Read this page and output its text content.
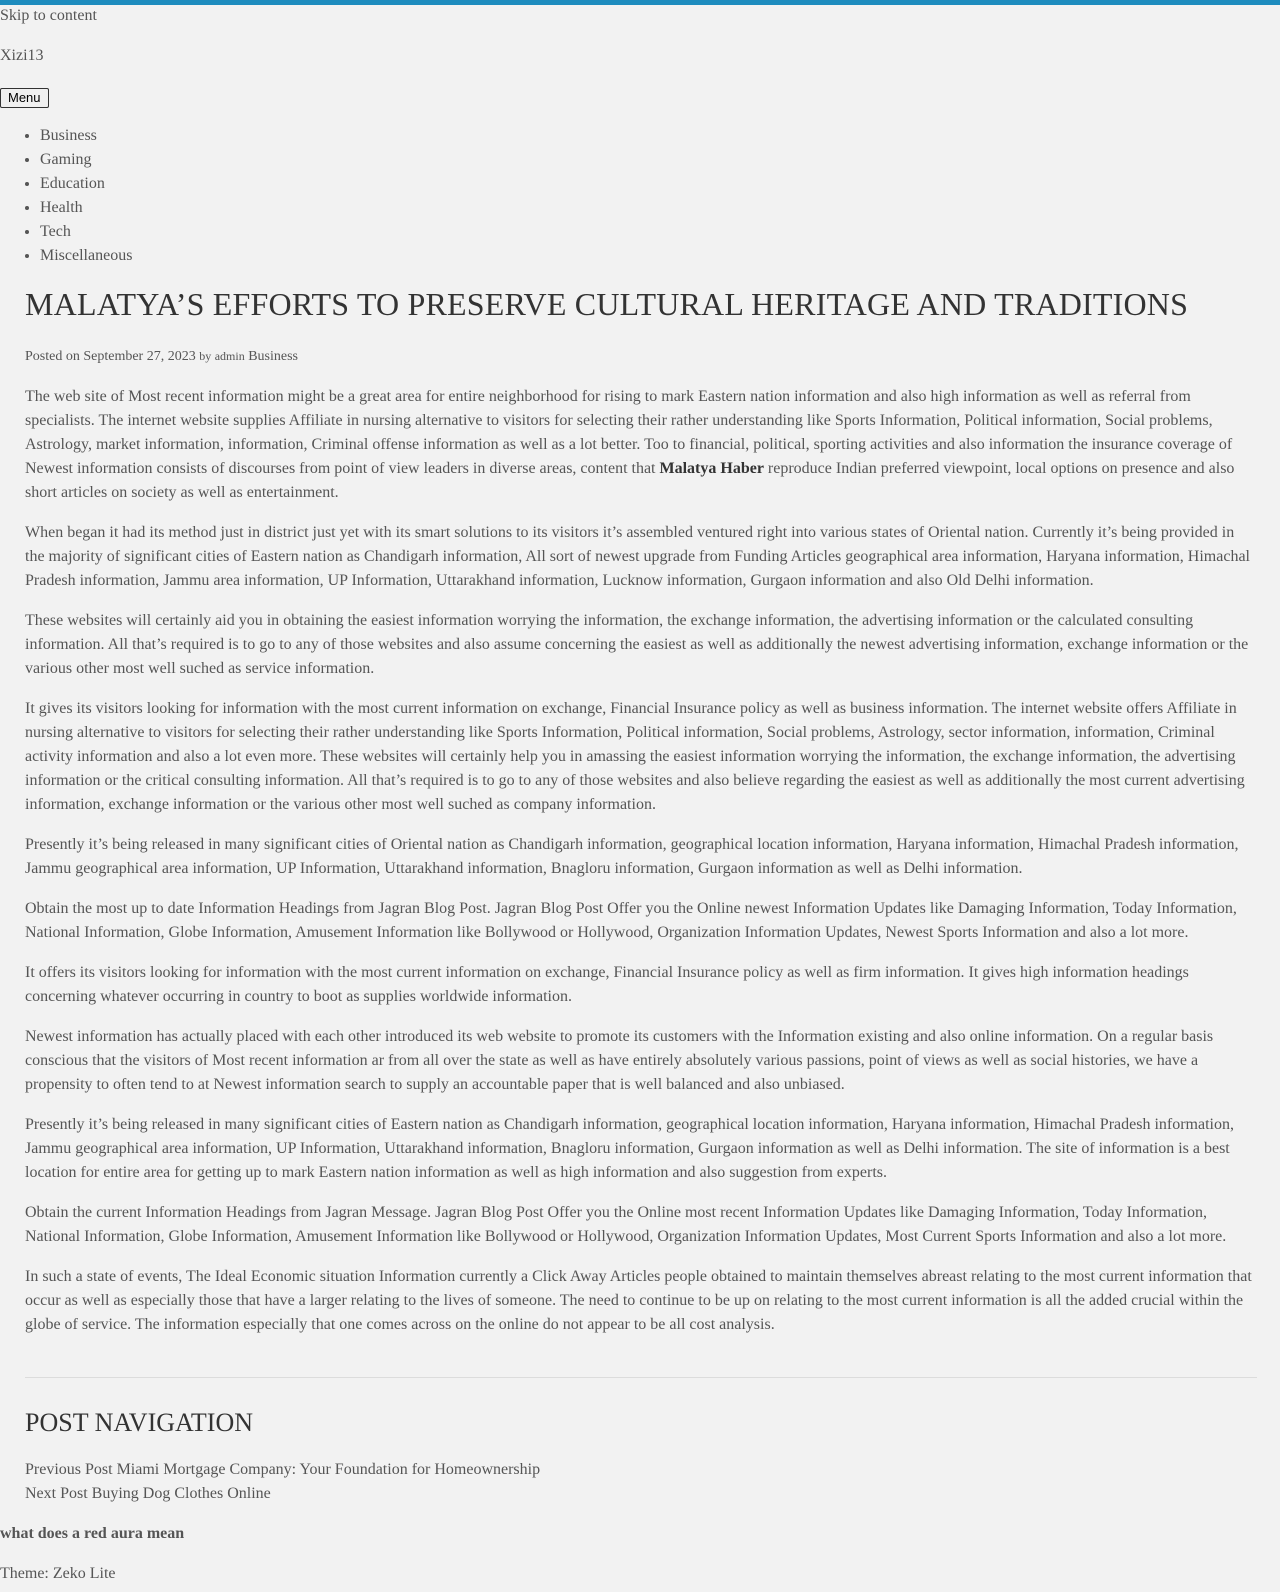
Skip to content
Xizi13
Menu
• Business
• Gaming
• Education
• Health
• Tech
• Miscellaneous
MALATYA’S EFFORTS TO PRESERVE CULTURAL HERITAGE AND TRADITIONS
Posted on September 27, 2023 by admin Business

The web site of Most recent information might be a great area for entire neighborhood for rising to mark Eastern nation information and also high information as well as referral from specialists. The internet website supplies Affiliate in nursing alternative to visitors for selecting their rather understanding like Sports Information, Political information, Social problems, Astrology, market information, information, Criminal offense information as well as a lot better. Too to financial, political, sporting activities and also information the insurance coverage of Newest information consists of discourses from point of view leaders in diverse areas, content that Malatya Haber reproduce Indian preferred viewpoint, local options on presence and also short articles on society as well as entertainment.

When began it had its method just in district just yet with its smart solutions to its visitors it’s assembled ventured right into various states of Oriental nation. Currently it’s being provided in the majority of significant cities of Eastern nation as Chandigarh information, All sort of newest upgrade from Funding Articles geographical area information, Haryana information, Himachal Pradesh information, Jammu area information, UP Information, Uttarakhand information, Lucknow information, Gurgaon information and also Old Delhi information.

These websites will certainly aid you in obtaining the easiest information worrying the information, the exchange information, the advertising information or the calculated consulting information. All that’s required is to go to any of those websites and also assume concerning the easiest as well as additionally the newest advertising information, exchange information or the various other most well suched as service information.

It gives its visitors looking for information with the most current information on exchange, Financial Insurance policy as well as business information. The internet website offers Affiliate in nursing alternative to visitors for selecting their rather understanding like Sports Information, Political information, Social problems, Astrology, sector information, information, Criminal activity information and also a lot even more. These websites will certainly help you in amassing the easiest information worrying the information, the exchange information, the advertising information or the critical consulting information. All that’s required is to go to any of those websites and also believe regarding the easiest as well as additionally the most current advertising information, exchange information or the various other most well suched as company information.

Presently it’s being released in many significant cities of Oriental nation as Chandigarh information, geographical location information, Haryana information, Himachal Pradesh information, Jammu geographical area information, UP Information, Uttarakhand information, Bnagloru information, Gurgaon information as well as Delhi information.

Obtain the most up to date Information Headings from Jagran Blog Post. Jagran Blog Post Offer you the Online newest Information Updates like Damaging Information, Today Information, National Information, Globe Information, Amusement Information like Bollywood or Hollywood, Organization Information Updates, Newest Sports Information and also a lot more.

It offers its visitors looking for information with the most current information on exchange, Financial Insurance policy as well as firm information. It gives high information headings concerning whatever occurring in country to boot as supplies worldwide information.

Newest information has actually placed with each other introduced its web website to promote its customers with the Information existing and also online information. On a regular basis conscious that the visitors of Most recent information ar from all over the state as well as have entirely absolutely various passions, point of views as well as social histories, we have a propensity to often tend to at Newest information search to supply an accountable paper that is well balanced and also unbiased.

Presently it’s being released in many significant cities of Eastern nation as Chandigarh information, geographical location information, Haryana information, Himachal Pradesh information, Jammu geographical area information, UP Information, Uttarakhand information, Bnagloru information, Gurgaon information as well as Delhi information. The site of information is a best location for entire area for getting up to mark Eastern nation information as well as high information and also suggestion from experts.

Obtain the current Information Headings from Jagran Message. Jagran Blog Post Offer you the Online most recent Information Updates like Damaging Information, Today Information, National Information, Globe Information, Amusement Information like Bollywood or Hollywood, Organization Information Updates, Most Current Sports Information and also a lot more.

In such a state of events, The Ideal Economic situation Information currently a Click Away Articles people obtained to maintain themselves abreast relating to the most current information that occur as well as especially those that have a larger relating to the lives of someone. The need to continue to be up on relating to the most current information is all the added crucial within the globe of service. The information especially that one comes across on the online do not appear to be all cost analysis.

POST NAVIGATION
Previous Post Miami Mortgage Company: Your Foundation for Homeownership
Next Post Buying Dog Clothes Online
what does a red aura mean
Theme: Zeko Lite
